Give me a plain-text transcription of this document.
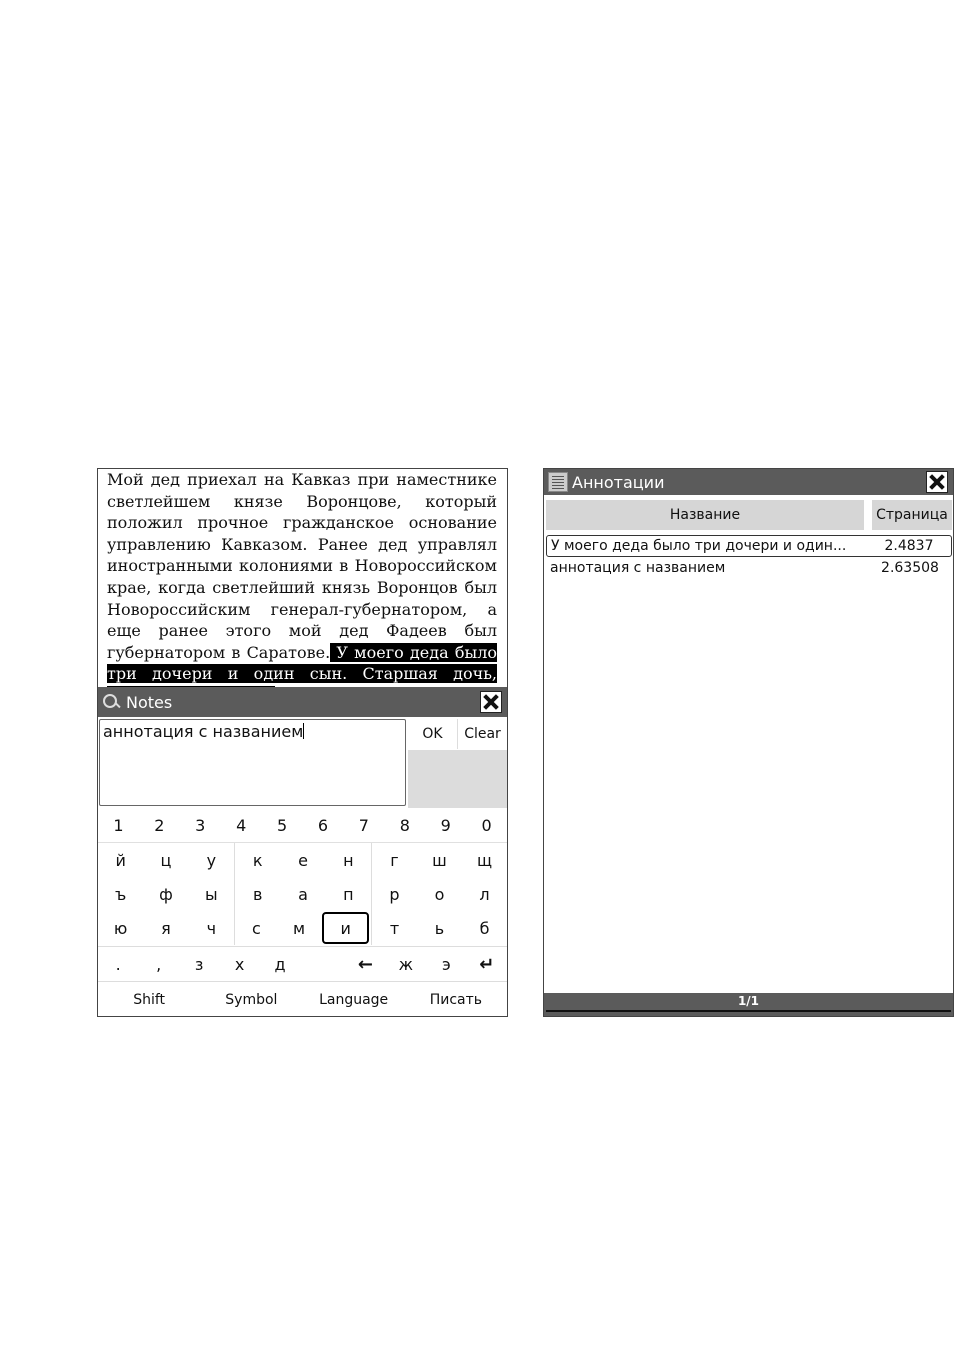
Мой дед приехал на Кавказ при наместнике светлейшем князе Воронцове, который положил прочное гражданское основание управлению Кавказом. Ранее дед управлял иностранными колониями в Новороссийском крае, когда светлейший князь Воронцов был Новороссийским генерал-губернатором, а еще ранее этого мой дед Фадеев был губернатором в Саратове. У моего деда было три дочери и один сын. Старшая дочь,

Notes
аннотация с названием	OK	Clear
1	2	3	4	5	6	7	8	9	0
й	ц	у
ъ	ф	ы
ю	я	ч
к	е	н
в	а	п
с	м	и
г	ш	щ
р	о	л
т	ь	б
.	,	з	х	д	←	ж	э	↵
Shift	Symbol	Language	Писать
Аннотации
Название	Страница
У моего деда было три дочери и один...	2.4837
аннотация с названием	2.63508
1/1
